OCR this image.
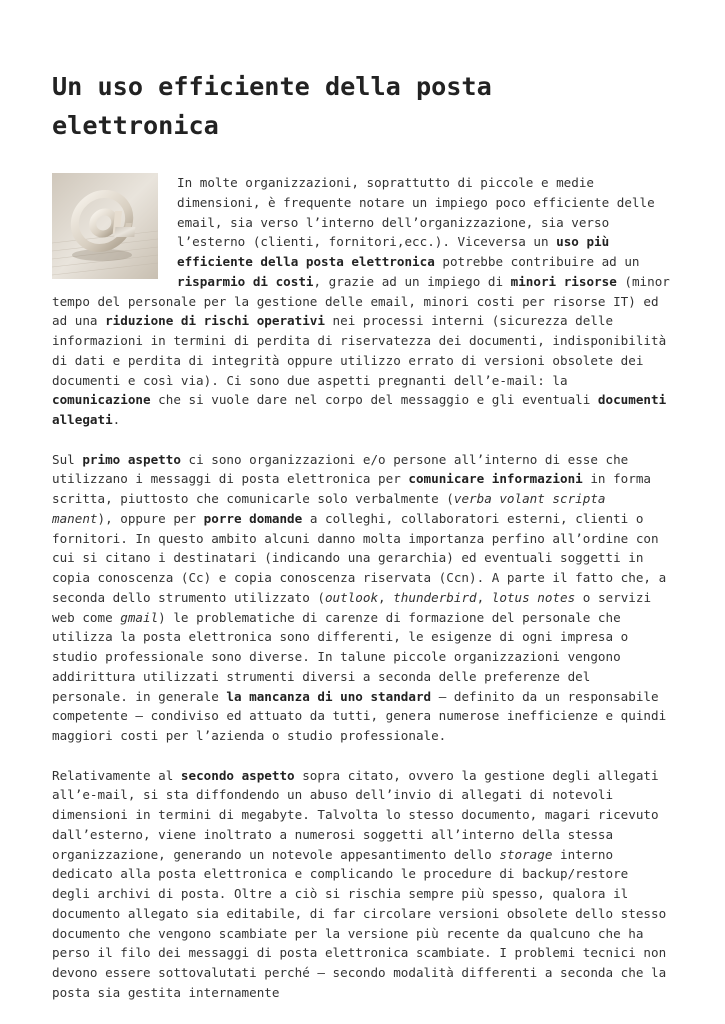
Un uso efficiente della posta elettronica

In molte organizzazioni, soprattutto di piccole e medie dimensioni, è frequente notare un impiego poco efficiente delle email, sia verso l’interno dell’organizzazione, sia verso l’esterno (clienti, fornitori,ecc.). Viceversa un uso più efficiente della posta elettronica potrebbe contribuire ad un risparmio di costi, grazie ad un impiego di minori risorse (minor tempo del personale per la gestione delle email, minori costi per risorse IT) ed ad una riduzione di rischi operativi nei processi interni (sicurezza delle informazioni in termini di perdita di riservatezza dei documenti, indisponibilità di dati e perdita di integrità oppure utilizzo errato di versioni obsolete dei documenti e così via). Ci sono due aspetti pregnanti dell’e-mail: la comunicazione che si vuole dare nel corpo del messaggio e gli eventuali documenti allegati.

Sul primo aspetto ci sono organizzazioni e/o persone all’interno di esse che utilizzano i messaggi di posta elettronica per comunicare informazioni in forma scritta, piuttosto che comunicarle solo verbalmente (verba volant scripta manent), oppure per porre domande a colleghi, collaboratori esterni, clienti o fornitori. In questo ambito alcuni danno molta importanza perfino all’ordine con cui si citano i destinatari (indicando una gerarchia) ed eventuali soggetti in copia conoscenza (Cc) e copia conoscenza riservata (Ccn). A parte il fatto che, a seconda dello strumento utilizzato (outlook, thunderbird, lotus notes o servizi web come gmail) le problematiche di carenze di formazione del personale che utilizza la posta elettronica sono differenti, le esigenze di ogni impresa o studio professionale sono diverse. In talune piccole organizzazioni vengono addirittura utilizzati strumenti diversi a seconda delle preferenze del personale. in generale la mancanza di uno standard – definito da un responsabile competente – condiviso ed attuato da tutti, genera numerose inefficienze e quindi maggiori costi per l’azienda o studio professionale.

Relativamente al secondo aspetto sopra citato, ovvero la gestione degli allegati all’e-mail, si sta diffondendo un abuso dell’invio di allegati di notevoli dimensioni in termini di megabyte. Talvolta lo stesso documento, magari ricevuto dall’esterno, viene inoltrato a numerosi soggetti all’interno della stessa organizzazione, generando un notevole appesantimento dello storage interno dedicato alla posta elettronica e complicando le procedure di backup/restore degli archivi di posta. Oltre a ciò si rischia sempre più spesso, qualora il documento allegato sia editabile, di far circolare versioni obsolete dello stesso documento che vengono scambiate per la versione più recente da qualcuno che ha perso il filo dei messaggi di posta elettronica scambiate. I problemi tecnici non devono essere sottovalutati perché – secondo modalità differenti a seconda che la posta sia gestita internamente
